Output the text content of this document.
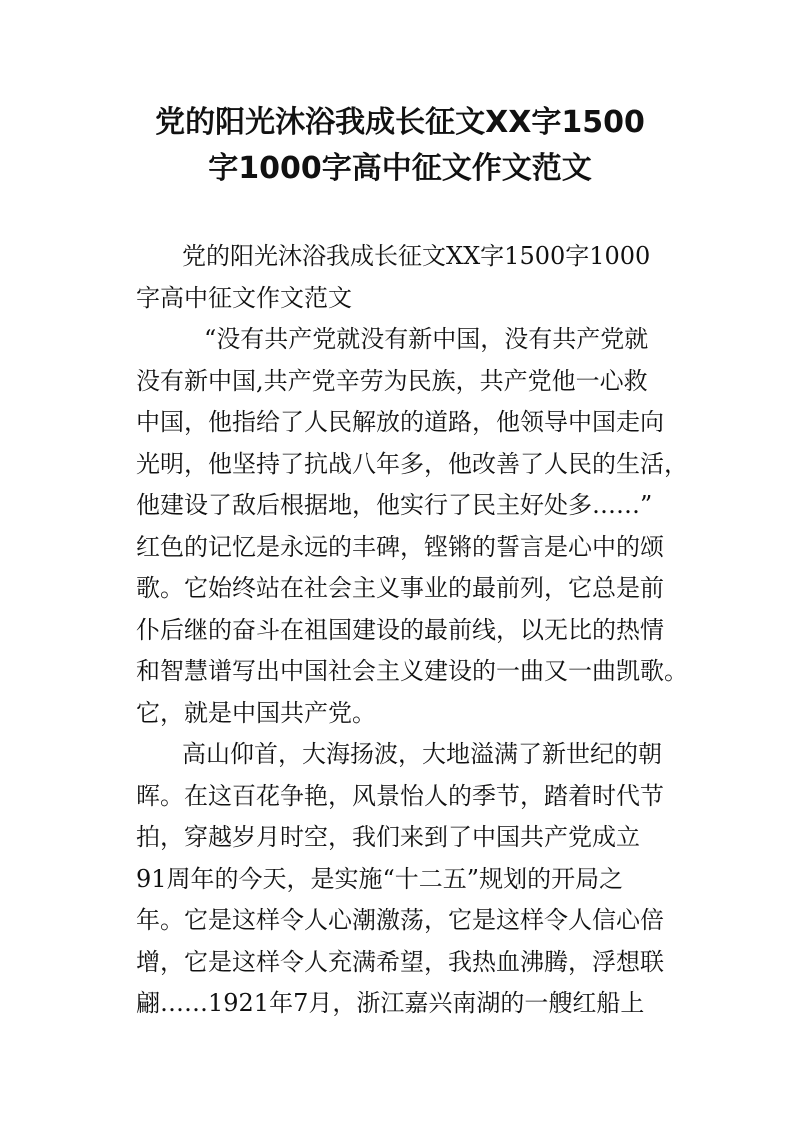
党的阳光沐浴我成长征文XX字1500
字1000字高中征文作文范文
党的阳光沐浴我成长征文XX字1500字1000
字高中征文作文范文
“没有共产党就没有新中国，没有共产党就
没有新中国,共产党辛劳为民族，共产党他一心救
中国，他指给了人民解放的道路，他领导中国走向
光明，他坚持了抗战八年多，他改善了人民的生活，
他建设了敌后根据地，他实行了民主好处多……”
红色的记忆是永远的丰碑，铿锵的誓言是心中的颂
歌。它始终站在社会主义事业的最前列，它总是前
仆后继的奋斗在祖国建设的最前线，以无比的热情
和智慧谱写出中国社会主义建设的一曲又一曲凯歌。
它，就是中国共产党。
高山仰首，大海扬波，大地溢满了新世纪的朝
晖。在这百花争艳，风景怡人的季节，踏着时代节
拍，穿越岁月时空，我们来到了中国共产党成立
91周年的今天，是实施“十二五”规划的开局之
年。它是这样令人心潮激荡，它是这样令人信心倍
增，它是这样令人充满希望，我热血沸腾，浮想联
翩……1921年7月，浙江嘉兴南湖的一艘红船上
